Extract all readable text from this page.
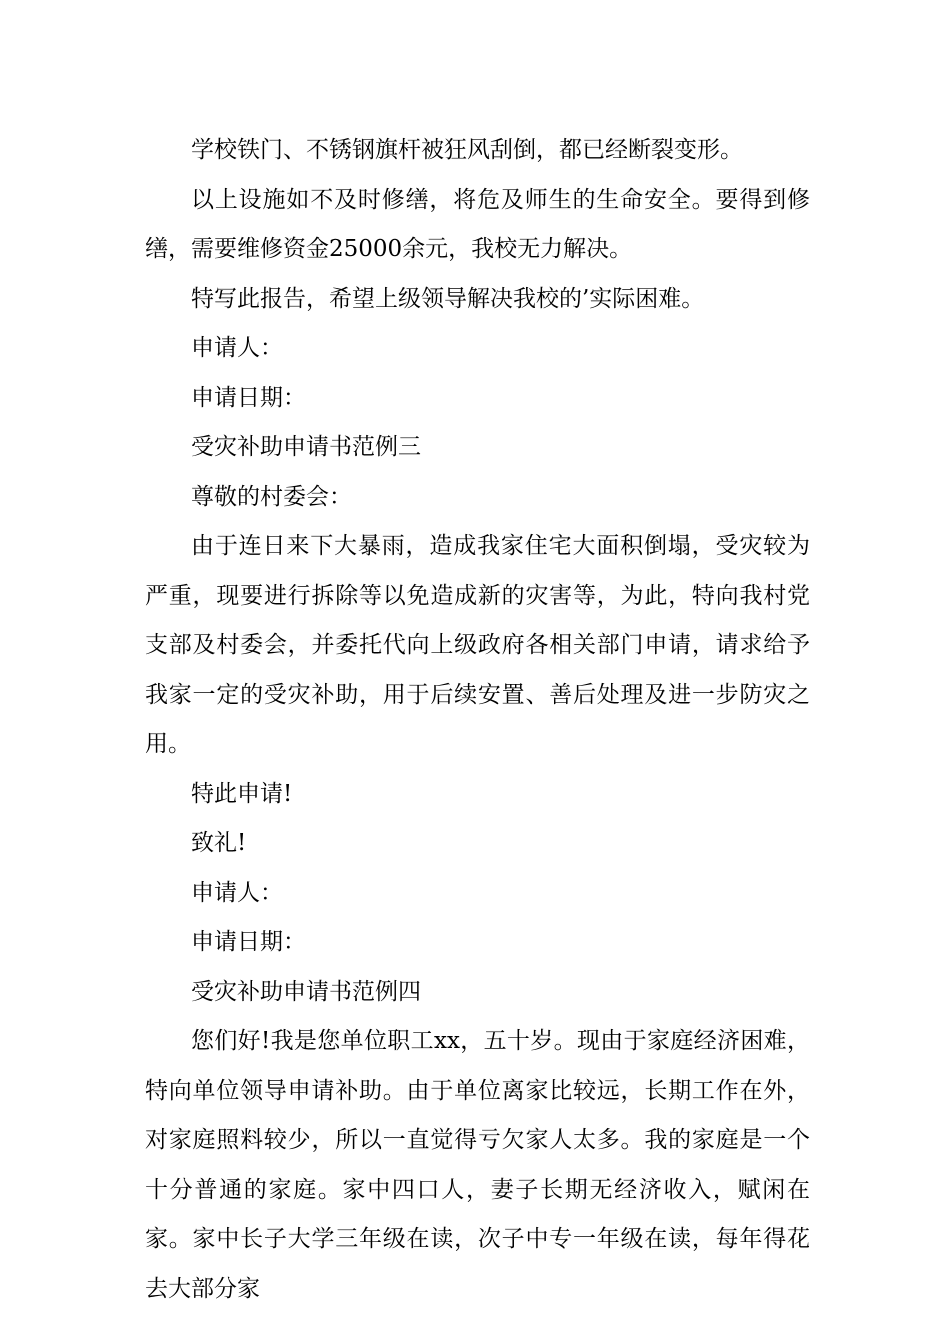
学校铁门、不锈钢旗杆被狂风刮倒，都已经断裂变形。

以上设施如不及时修缮，将危及师生的生命安全。要得到修缮，需要维修资金25000余元，我校无力解决。

特写此报告，希望上级领导解决我校的’实际困难。

申请人：

申请日期：

受灾补助申请书范例三

尊敬的村委会：

由于连日来下大暴雨，造成我家住宅大面积倒塌，受灾较为严重，现要进行拆除等以免造成新的灾害等，为此，特向我村党支部及村委会，并委托代向上级政府各相关部门申请，请求给予我家一定的受灾补助，用于后续安置、善后处理及进一步防灾之用。

特此申请!

致礼!

申请人：

申请日期：

受灾补助申请书范例四

您们好!我是您单位职工xx，五十岁。现由于家庭经济困难，特向单位领导申请补助。由于单位离家比较远，长期工作在外，对家庭照料较少，所以一直觉得亏欠家人太多。我的家庭是一个十分普通的家庭。家中四口人，妻子长期无经济收入，赋闲在家。家中长子大学三年级在读，次子中专一年级在读，每年得花去大部分家
